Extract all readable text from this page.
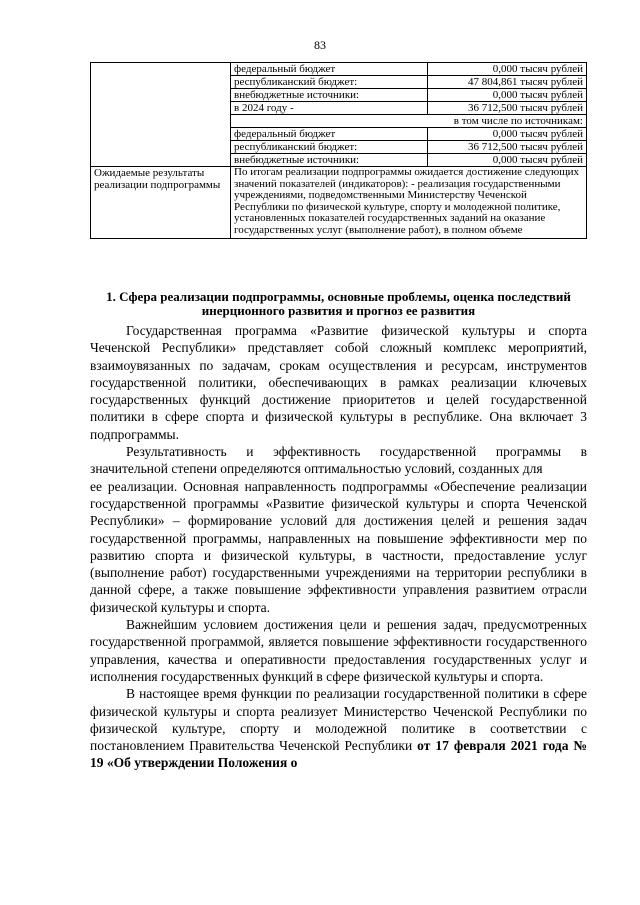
83
	федеральный бюджет	0,000 тысяч рублей
	республиканский бюджет:	47 804,861 тысяч рублей
	внебюджетные источники:	0,000 тысяч рублей
	в 2024 году -	36 712,500 тысяч рублей
	в том числе по источникам:	
	федеральный бюджет	0,000 тысяч рублей
	республиканский бюджет:	36 712,500 тысяч рублей
	внебюджетные источники:	0,000 тысяч рублей
Ожидаемые результаты реализации подпрограммы	По итогам реализации подпрограммы ожидается достижение следующих значений показателей (индикаторов): - реализация государственными учреждениями, подведомственными Министерству Чеченской Республики по физической культуре, спорту и молодежной политике, установленных показателей государственных заданий на оказание государственных услуг (выполнение работ), в полном объеме	
1. Сфера реализации подпрограммы, основные проблемы, оценка последствий инерционного развития и прогноз ее развития

Государственная программа «Развитие физической культуры и спорта Чеченской Республики» представляет собой сложный комплекс мероприятий, взаимоувязанных по задачам, срокам осуществления и ресурсам, инструментов государственной политики, обеспечивающих в рамках реализации ключевых государственных функций достижение приоритетов и целей государственной политики в сфере спорта и физической культуры в республике. Она включает 3 подпрограммы.

Результативность и эффективность государственной программы в значительной степени определяются оптимальностью условий, созданных для

ее реализации. Основная направленность подпрограммы «Обеспечение реализации государственной программы «Развитие физической культуры и спорта Чеченской Республики» – формирование условий для достижения целей и решения задач государственной программы, направленных на повышение эффективности мер по развитию спорта и физической культуры, в частности, предоставление услуг (выполнение работ) государственными учреждениями на территории республики в данной сфере, а также повышение эффективности управления развитием отрасли физической культуры и спорта.

Важнейшим условием достижения цели и решения задач, предусмотренных государственной программой, является повышение эффективности государственного управления, качества и оперативности предоставления государственных услуг и исполнения государственных функций в сфере физической культуры и спорта.

В настоящее время функции по реализации государственной политики в сфере физической культуры и спорта реализует Министерство Чеченской Республики по физической культуре, спорту и молодежной политике в соответствии с постановлением Правительства Чеченской Республики от 17 февраля 2021 года № 19 «Об утверждении Положения о
